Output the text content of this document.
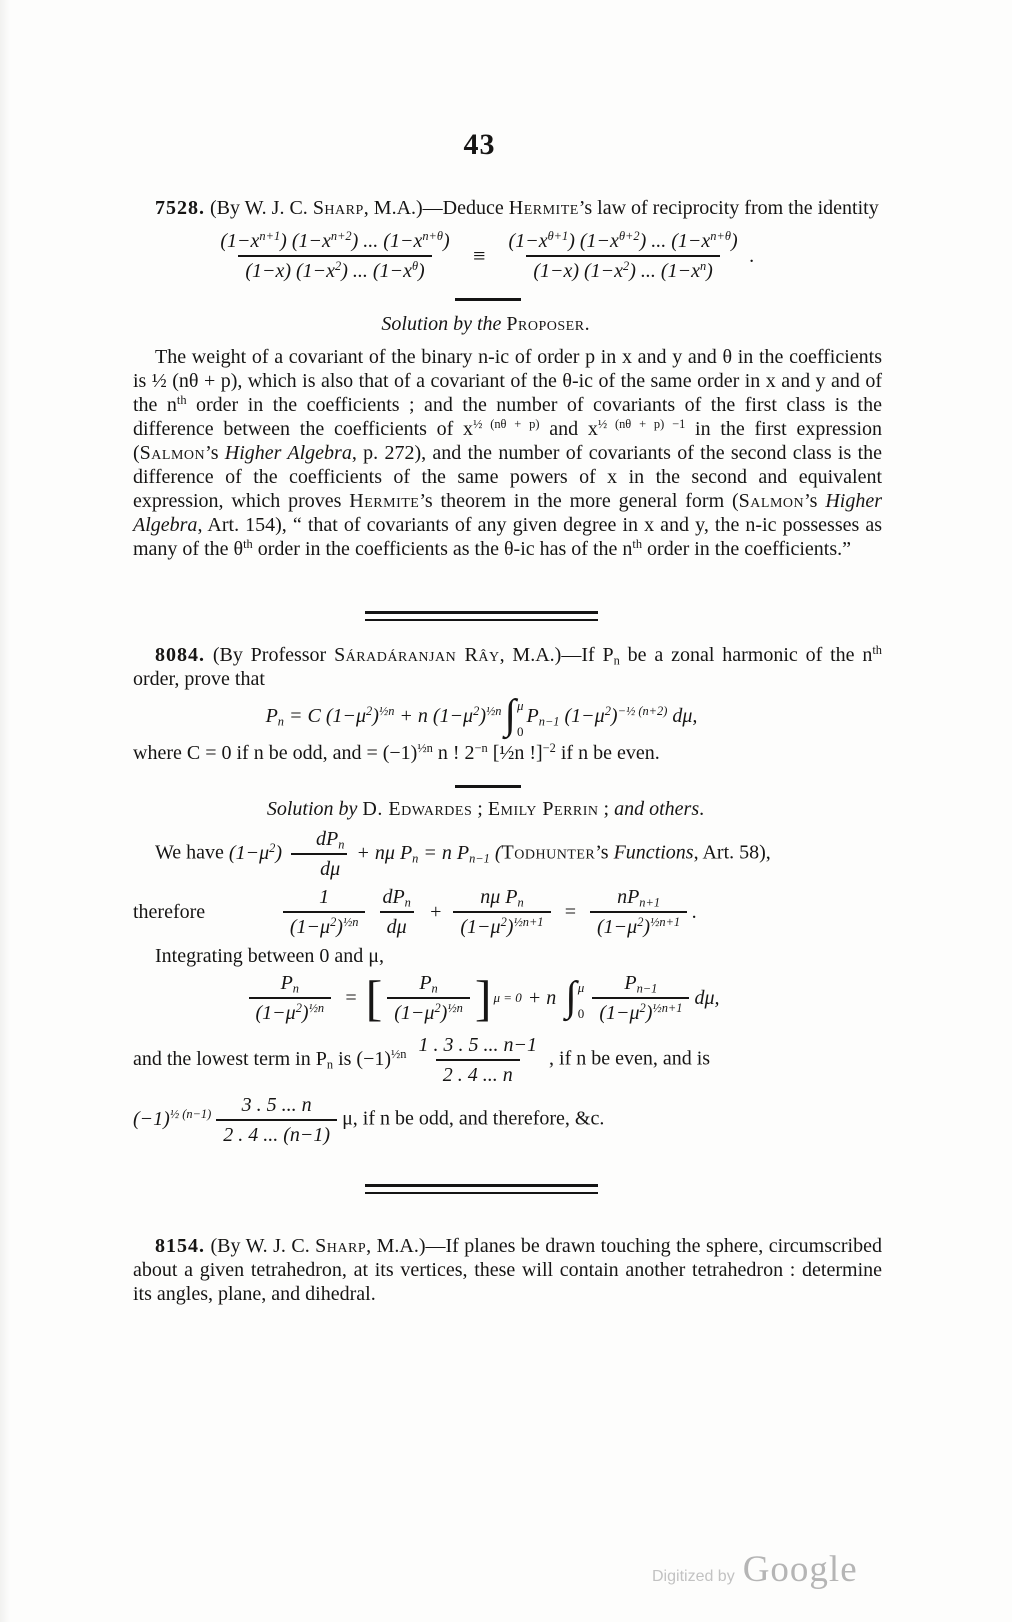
43

7528. (By W. J. C. Sharp, M.A.)—Deduce Hermite’s law of reciprocity from the identity

$\frac{(1-x^{n+1}) (1-x^{n+2}) ... (1-x^{n+\theta})}{(1-x) (1-x^2) ... (1-x^\theta)} \equiv \frac{(1-x^{\theta+1}) (1-x^{\theta+2}) ... (1-x^{n+\theta})}{(1-x) (1-x^2) ... (1-x^n)}$ .

Solution by the Proposer.

The weight of a covariant of the binary n-ic of order p in x and y and θ in the coefficients is ½ (nθ + p), which is also that of a covariant of the θ-ic of the same order in x and y and of the $n^{th}$ order in the coefficients ; and the number of covariants of the first class is the difference between the coefficients of $x^{\frac{1}{2} (n\theta + p)}$ and $x^{\frac{1}{2} (n\theta + p) -1}$ in the first expression (Salmon’s Higher Algebra, p. 272), and the number of covariants of the second class is the difference of the coefficients of the same powers of x in the second and equivalent expression, which proves Hermite’s theorem in the more general form (Salmon’s Higher Algebra, Art. 154), “ that of covariants of any given degree in x and y, the n-ic possesses as many of the $\theta^{th}$ order in the coefficients as the θ-ic has of the $n^{th}$ order in the coefficients.”

8084. (By Professor Sáradáranjan Rây, M.A.)—If $P_n$ be a zonal harmonic of the $n^{th}$ order, prove that

$P_n = C$ $(1-\mu^2)^{\frac{1}{2}n} + n$ $(1-\mu^2)^{\frac{1}{2}n}$ ∫ μ
0
$P_{n-1}$ $(1-\mu^2)^{-\frac{1}{2} (n+2)}$ dμ,

where C = 0 if n be odd, and = $(-1)^{\frac{1}{2}n}$ n ! $2^{-n}$ [½n !]$^{-2}$ if n be even.

Solution by D. Edwardes ; Emily Perrin ; and others.

We have $(1-\mu^2) \frac{dP_n}{d\mu} + n\mu$ $P_n = n$ $P_{n-1}$ (Todhunter’s Functions, Art. 58),

therefore	$\frac{1}{(1-\mu^2)^{\frac{1}{2}n}} \frac{dP_n}{d\mu} + \frac{n\mu P_n}{(1-\mu^2)^{\frac{1}{2}n+1}} = \frac{nP_{n+1}}{(1-\mu^2)^{\frac{1}{2}n+1}}$ .

Integrating between 0 and μ,

$\frac{P_n}{(1-\mu^2)^{\frac{1}{2}n}}$ = [ $\frac{P_n}{(1-\mu^2)^{\frac{1}{2}n}}$ ] μ = 0 + n ∫ μ
$0 \frac{P_{n-1}}{(1-\mu^2)^{\frac{1}{2}n+1}} d\mu$,

and the lowest term in $P_n$ is $(-1)^{\frac{1}{2}n} \frac{1 . 3 . 5 ... n-1}{2 . 4 ... n}$ , if n be even, and is

$(-1)^{\frac{1}{2} (n-1)} \frac{3 . 5 ... n}{2 . 4 ... (n-1)} \mu$, if n be odd, and therefore, &c.

8154. (By W. J. C. Sharp, M.A.)—If planes be drawn touching the sphere, circumscribed about a given tetrahedron, at its vertices, these will contain another tetrahedron : determine its angles, plane, and dihedral.

Digitized by Google
